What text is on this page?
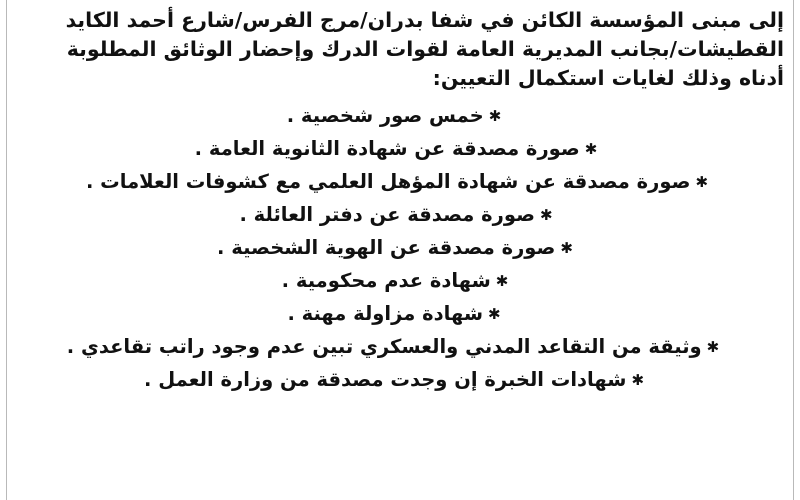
إلى مبنى المؤسسة الكائن في شفا بدران/مرج الفرس/شارع أحمد الكايد
القطيشات/بجانب المديرية العامة لقوات الدرك وإحضار الوثائق المطلوبة
أدناه وذلك لغايات استكمال التعيين:
✱
خمس صور شخصية .
✱
صورة مصدقة عن شهادة الثانوية العامة .
✱
صورة مصدقة عن شهادة المؤهل العلمي مع كشوفات العلامات .
✱
صورة مصدقة عن دفتر العائلة .
✱
صورة مصدقة عن الهوية الشخصية .
✱
شهادة عدم محكومية .
✱
شهادة مزاولة مهنة .
✱
وثيقة من التقاعد المدني والعسكري تبين عدم وجود راتب تقاعدي .
✱
شهادات الخبرة إن وجدت مصدقة من وزارة العمل .
